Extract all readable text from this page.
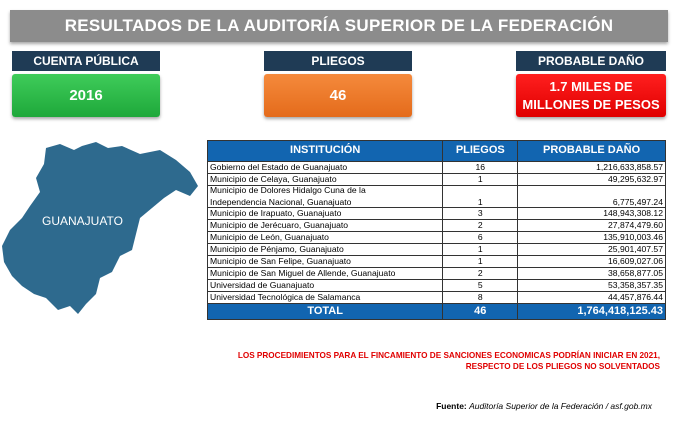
RESULTADOS DE LA AUDITORÍA SUPERIOR DE LA FEDERACIÓN
CUENTA PÚBLICA
2016
PLIEGOS
46
PROBABLE DAÑO
1.7 MILES DE
MILLONES DE PESOS
GUANAJUATO
INSTITUCIÓN	PLIEGOS	PROBABLE DAÑO
Gobierno del Estado de Guanajuato	16	1,216,633,858.57
Municipio de Celaya, Guanajuato	1	49,295,632.97

Municipio de Dolores Hidalgo Cuna de la
Independencia Nacional, Guanajuato	1	6,775,497.24
Municipio de Irapuato, Guanajuato	3	148,943,308.12
Municipio de Jerécuaro, Guanajuato	2	27,874,479.60
Municipio de León, Guanajuato	6	135,910,003.46
Municipio de Pénjamo, Guanajuato	1	25,901,407.57
Municipio de San Felipe, Guanajuato	1	16,609,027.06
Municipio de San Miguel de Allende, Guanajuato	2	38,658,877.05
Universidad de Guanajuato	5	53,358,357.35
Universidad Tecnológica de Salamanca	8	44,457,876.44
TOTAL	46	1,764,418,125.43
LOS PROCEDIMIENTOS PARA EL FINCAMIENTO DE SANCIONES ECONOMICAS PODRÍAN INICIAR EN 2021,
RESPECTO DE LOS PLIEGOS NO SOLVENTADOS
Fuente: Auditoría Superior de la Federación / asf.gob.mx
